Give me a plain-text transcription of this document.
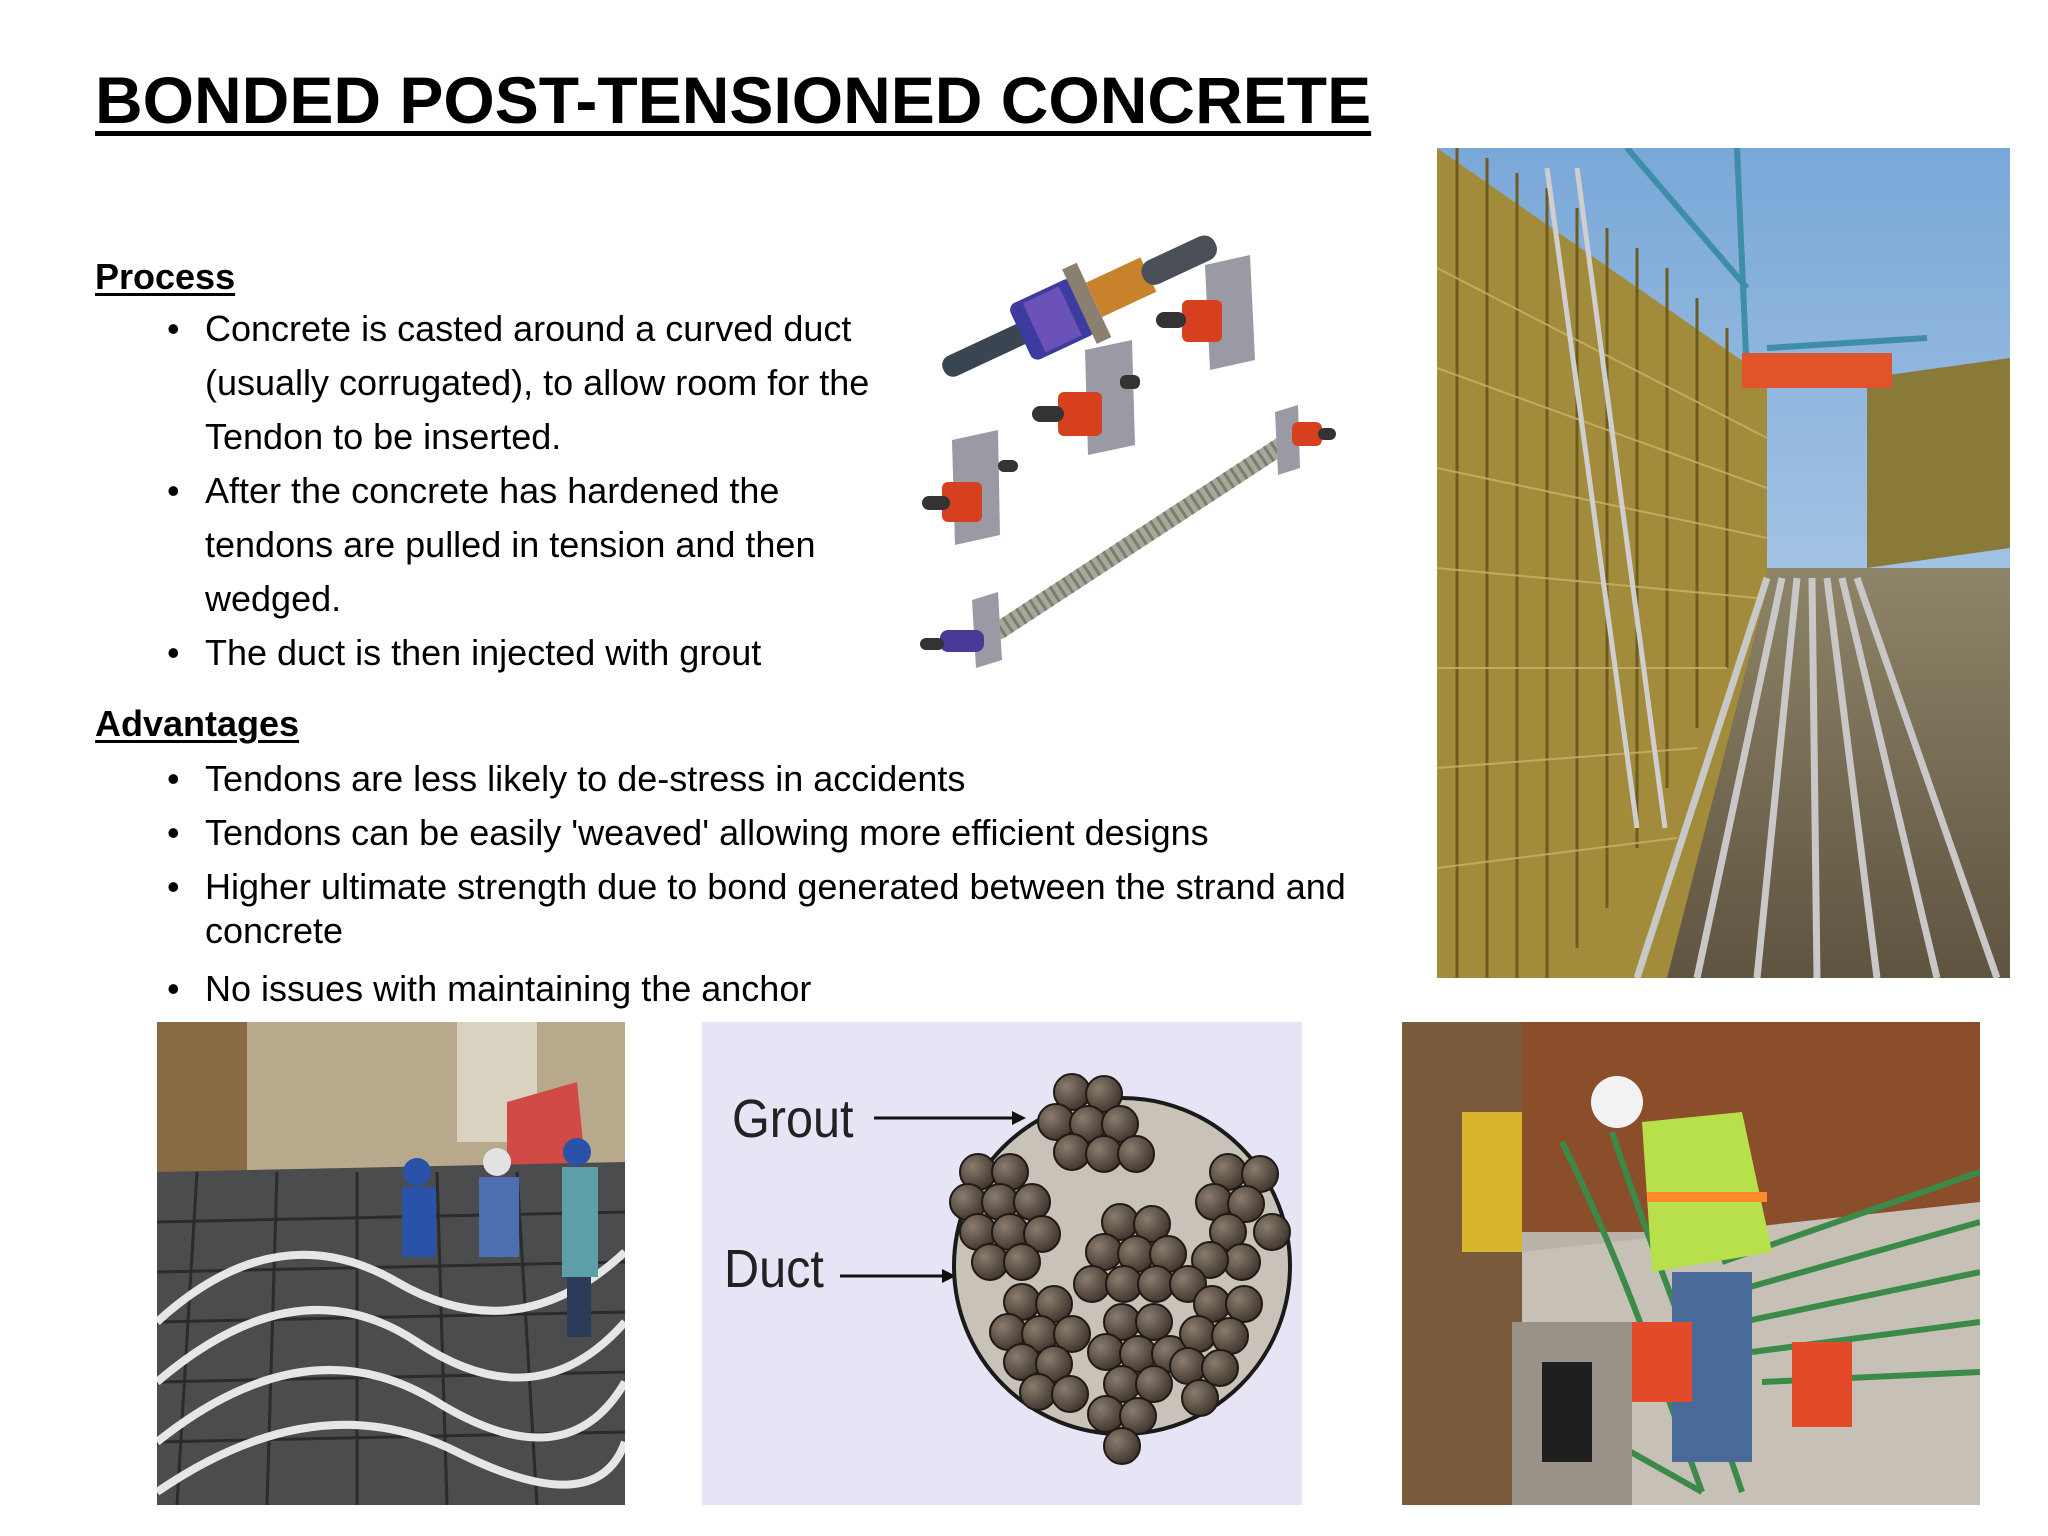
BONDED POST-TENSIONED CONCRETE
Process
• Concrete is casted around a curved duct (usually corrugated), to allow room for the Tendon to be inserted.
• After the concrete has hardened the tendons are pulled in tension and then wedged.
• The duct is then injected with grout
Advantages
• Tendons are less likely to de-stress in accidents
• Tendons can be easily 'weaved' allowing more efficient designs
• Higher ultimate strength due to bond generated between the strand and concrete
• No issues with maintaining the anchor
Grout
Duct
